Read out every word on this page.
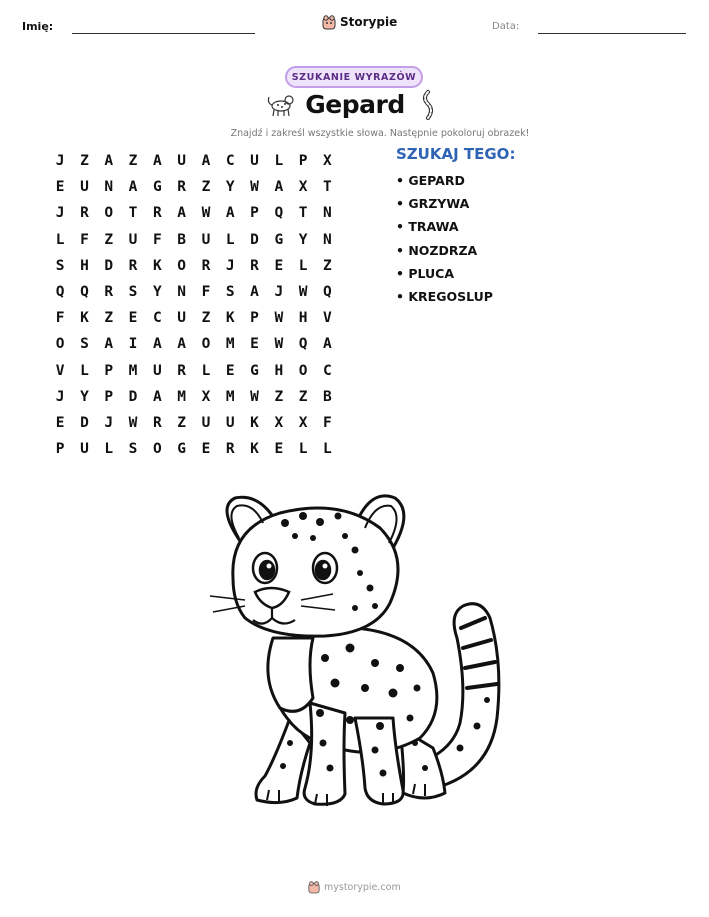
Imię:	Storypie	Data:
SZUKANIE WYRAZÓW
Gepard
Znajdź i zakreśl wszystkie słowa. Następnie pokoloruj obrazek!
J	Z	A	Z	A	U	A	C	U	L	P	X
E	U	N	A	G	R	Z	Y	W	A	X	T
J	R	O	T	R	A	W	A	P	Q	T	N
L	F	Z	U	F	B	U	L	D	G	Y	N
S	H	D	R	K	O	R	J	R	E	L	Z
Q	Q	R	S	Y	N	F	S	A	J	W	Q
F	K	Z	E	C	U	Z	K	P	W	H	V
O	S	A	I	A	A	O	M	E	W	Q	A
V	L	P	M	U	R	L	E	G	H	O	C
J	Y	P	D	A	M	X	M	W	Z	Z	B
E	D	J	W	R	Z	U	U	K	X	X	F
P	U	L	S	O	G	E	R	K	E	L	L
SZUKAJ TEGO:
• GEPARD
• GRZYWA
• TRAWA
• NOZDRZA
• PLUCA
• KREGOSLUP
mystorypie.com
